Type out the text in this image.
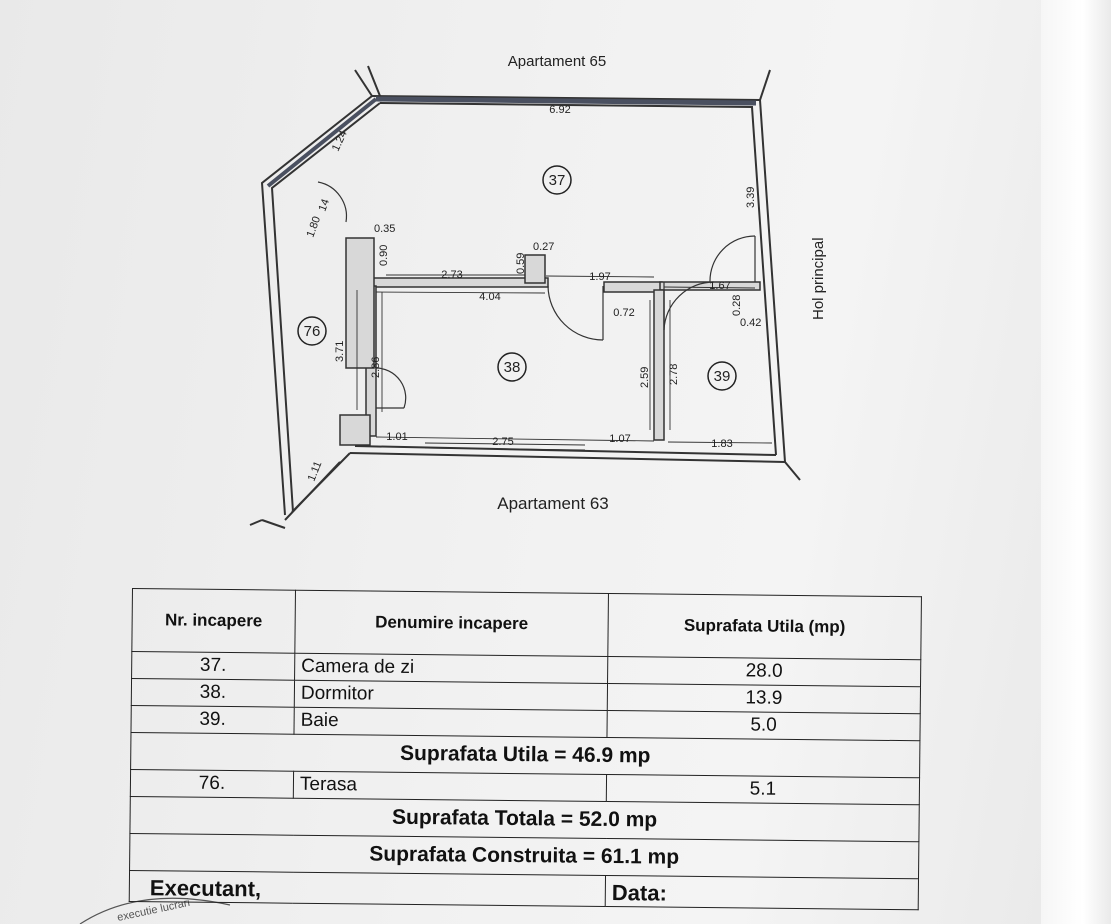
37
38
39
76
Apartament 65
Apartament 63
Hol principal
6.92
1.24
14
1.80	0.35
0.90	0.27
0.59
2.73	1.97
4.04
0.72
1.67
0.28
0.42
3.39
3.71
2.86	2.59 2.78
1.01	2.75	1.07	1.83
1.11
executie lucrari
Nr. incapere	Denumire incapere	Suprafata Utila (mp)
37.	Camera de zi	28.0
38.	Dormitor	13.9
39.	Baie	5.0
Suprafata Utila = 46.9 mp		
76.	Terasa	5.1
Suprafata Totala = 52.0 mp		
Suprafata Construita = 61.1 mp		
Executant,		Data:
